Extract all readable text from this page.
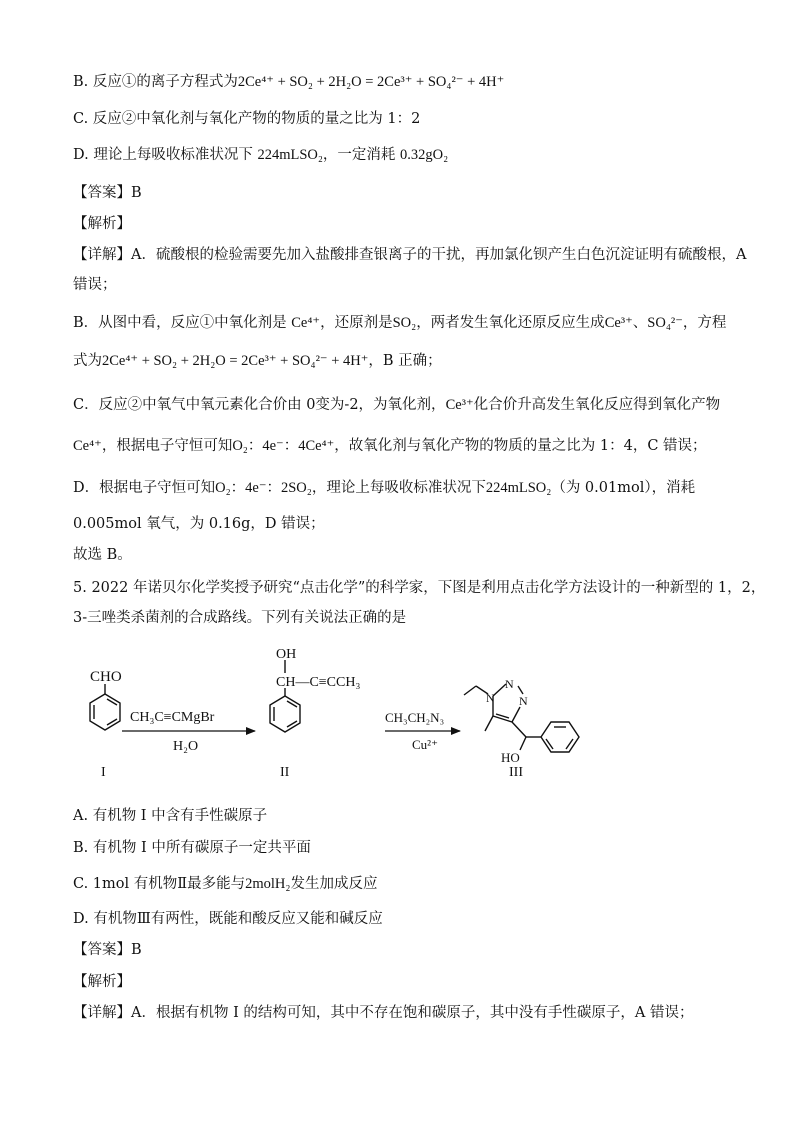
B. 反应①的离子方程式为2Ce⁴⁺ + SO₂ + 2H₂O = 2Ce³⁺ + SO₄²⁻ + 4H⁺
C. 反应②中氧化剂与氧化产物的物质的量之比为 1：2
D. 理论上每吸收标准状况下 224mLSO₂，一定消耗 0.32gO₂
【答案】B
【解析】
【详解】A．硫酸根的检验需要先加入盐酸排查银离子的干扰，再加氯化钡产生白色沉淀证明有硫酸根，A
错误；
B．从图中看，反应①中氧化剂是 Ce⁴⁺，还原剂是SO₂，两者发生氧化还原反应生成Ce³⁺、SO₄²⁻，方程
式为2Ce⁴⁺ + SO₂ + 2H₂O = 2Ce³⁺ + SO₄²⁻ + 4H⁺，B 正确；
C．反应②中氧气中氧元素化合价由 0变为-2，为氧化剂，Ce³⁺化合价升高发生氧化反应得到氧化产物
Ce⁴⁺，根据电子守恒可知O₂：4e⁻：4Ce⁴⁺，故氧化剂与氧化产物的物质的量之比为 1：4，C 错误；
D．根据电子守恒可知O₂：4e⁻：2SO₂，理论上每吸收标准状况下224mLSO₂（为 0.01mol），消耗
0.005mol 氧气，为 0.16g，D 错误；
故选 B。
5. 2022 年诺贝尔化学奖授予研究“点击化学”的科学家，下图是利用点击化学方法设计的一种新型的 1，2，
3-三唑类杀菌剂的合成路线。下列有关说法正确的是
CHO
CH₃C≡CMgBr
H₂O
OH
CH—C≡CCH₃
CH₃CH₂N₃
Cu²⁺
N
N
N
HO
I	II	III
A. 有机物 I 中含有手性碳原子
B. 有机物 I 中所有碳原子一定共平面
C. 1mol 有机物Ⅱ最多能与2molH₂发生加成反应
D. 有机物Ⅲ有两性，既能和酸反应又能和碱反应
【答案】B
【解析】
【详解】A．根据有机物 I 的结构可知，其中不存在饱和碳原子，其中没有手性碳原子，A 错误；
